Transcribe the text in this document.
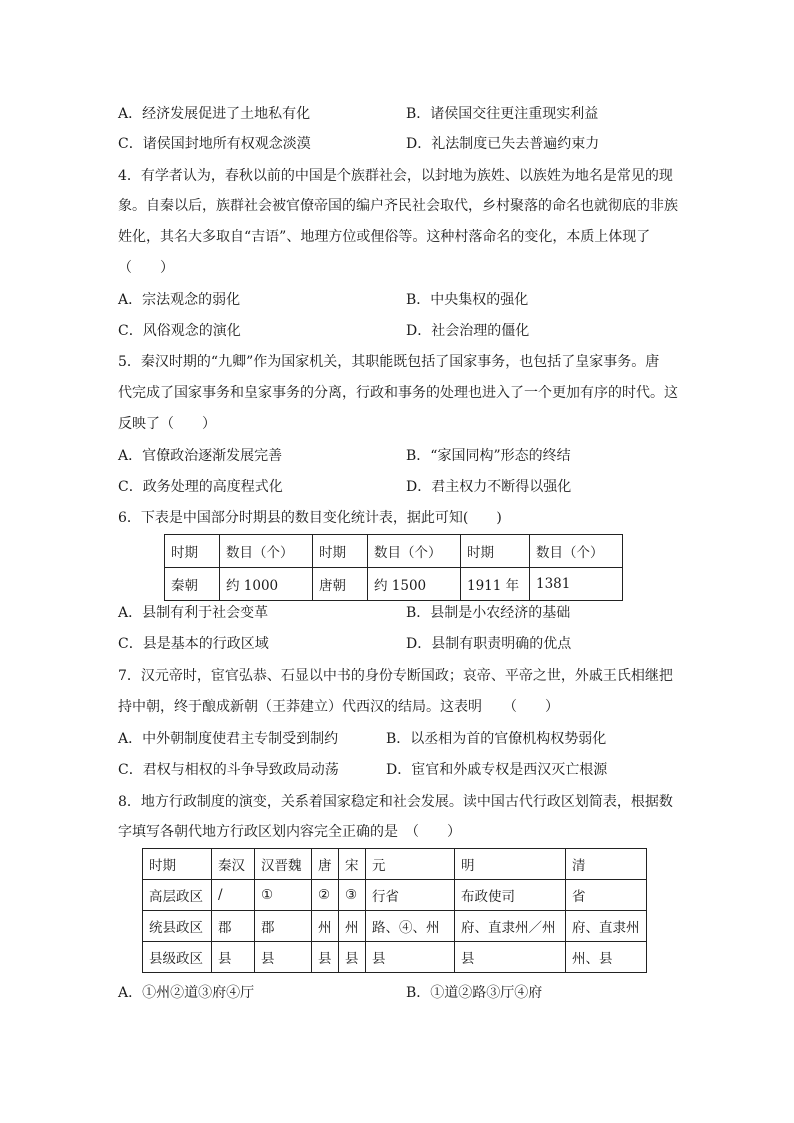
A．经济发展促进了土地私有化	B．诸侯国交往更注重现实利益
C．诸侯国封地所有权观念淡漠	D．礼法制度已失去普遍约束力
4．有学者认为，春秋以前的中国是个族群社会，以封地为族姓、以族姓为地名是常见的现
象。自秦以后，族群社会被官僚帝国的编户齐民社会取代，乡村聚落的命名也就彻底的非族
姓化，其名大多取自“吉语”、地理方位或俚俗等。这种村落命名的变化，本质上体现了
（　　）
A．宗法观念的弱化	B．中央集权的强化
C．风俗观念的演化	D．社会治理的僵化
5．秦汉时期的“九卿”作为国家机关，其职能既包括了国家事务，也包括了皇家事务。唐
代完成了国家事务和皇家事务的分离，行政和事务的处理也进入了一个更加有序的时代。这
反映了（　　）
A．官僚政治逐渐发展完善	B．“家国同构”形态的终结
C．政务处理的高度程式化	D．君主权力不断得以强化
6．下表是中国部分时期县的数目变化统计表，据此可知(　　)
时期	数目（个）	时期	数目（个）	时期	数目（个）
秦朝	约 1000	唐朝	约 1500	1911 年	1381
A．县制有利于社会变革	B．县制是小农经济的基础
C．县是基本的行政区域	D．县制有职责明确的优点
7．汉元帝时，宦官弘恭、石显以中书的身份专断国政；哀帝、平帝之世，外戚王氏相继把
持中朝，终于酿成新朝（王莽建立）代西汉的结局。这表明　　（　　）
A．中外朝制度使君主专制受到制约	B．以丞相为首的官僚机构权势弱化
C．君权与相权的斗争导致政局动荡	D．宦官和外戚专权是西汉灭亡根源
8．地方行政制度的演变，关系着国家稳定和社会发展。读中国古代行政区划简表，根据数
字填写各朝代地方行政区划内容完全正确的是　（　　）
时期	秦汉	汉晋魏	唐	宋	元	明	清
高层政区	/	①	②	③	行省	布政使司	省
统县政区	郡	郡	州	州	路、④、州	府、直隶州／州	府、直隶州
县级政区	县	县	县	县	县	县	州、县
A．①州②道③府④厅	B．①道②路③厅④府
